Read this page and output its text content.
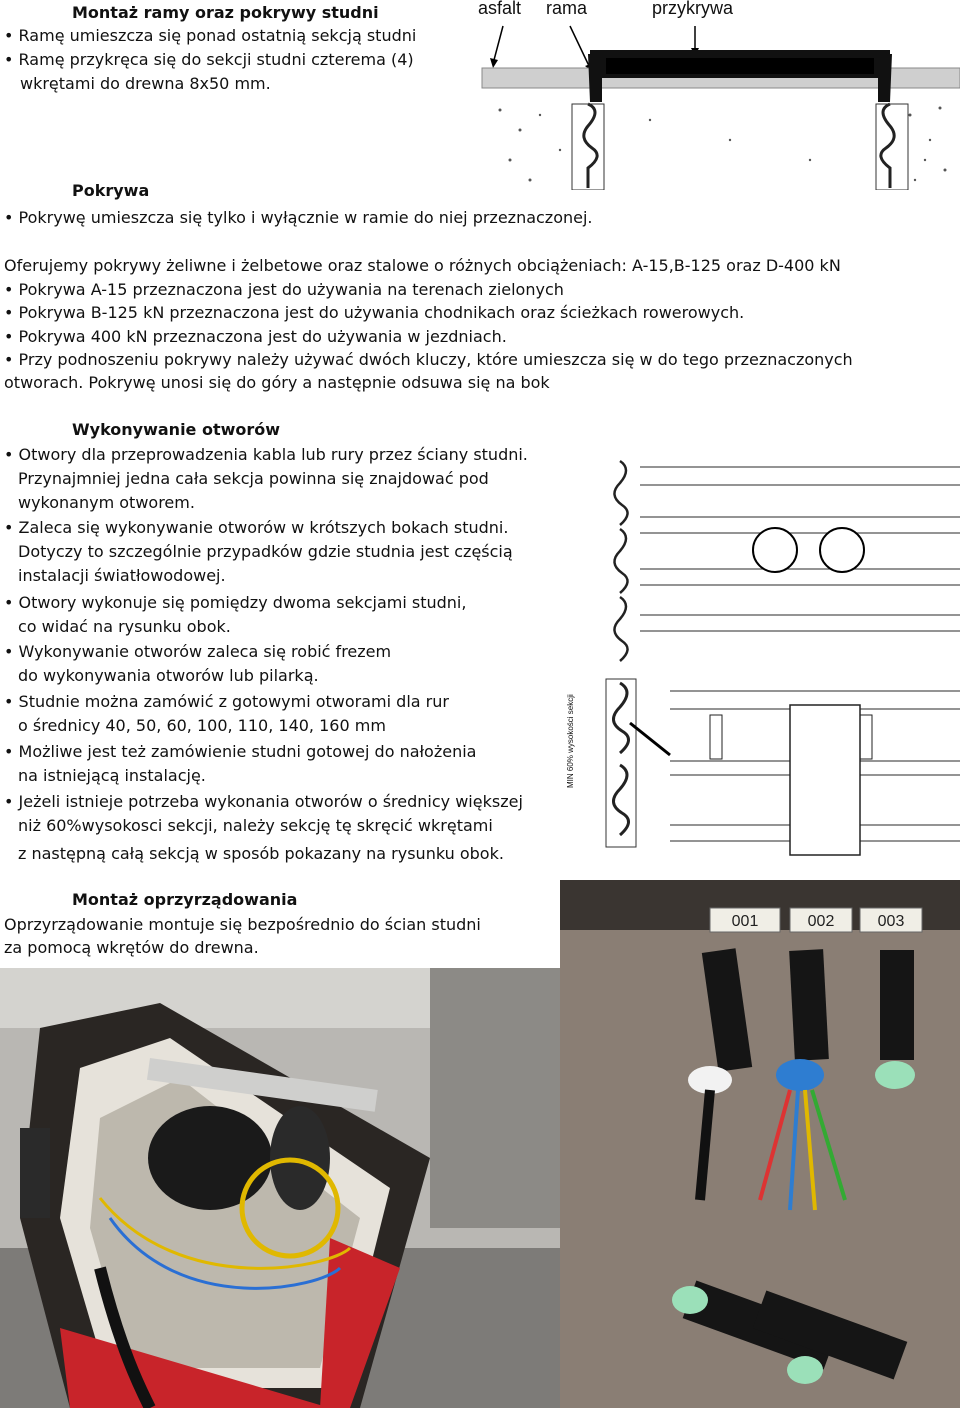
Montaż ramy oraz pokrywy studni
• Ramę umieszcza się ponad ostatnią sekcją studni
• Ramę przykręca się do sekcji studni czterema (4)
wkrętami do drewna 8x50 mm.
asfalt rama	przykrywa
Pokrywa
• Pokrywę umieszcza się tylko i wyłącznie w ramie do niej przeznaczonej.
Oferujemy pokrywy żeliwne i żelbetowe oraz stalowe o różnych obciążeniach: A-15,B-125 oraz D-400 kN
• Pokrywa A-15 przeznaczona jest do używania na terenach zielonych
• Pokrywa B-125 kN przeznaczona jest do używania chodnikach oraz ścieżkach rowerowych.
• Pokrywa 400 kN przeznaczona jest do używania w jezdniach.
• Przy podnoszeniu pokrywy należy używać dwóch kluczy, które umieszcza się w do tego przeznaczonych
otworach. Pokrywę unosi się do góry a następnie odsuwa się na bok
Wykonywanie otworów
• Otwory dla przeprowadzenia kabla lub rury przez ściany studni.
Przynajmniej jedna cała sekcja powinna się znajdować pod
wykonanym otworem.
• Zaleca się wykonywanie otworów w krótszych bokach studni.
Dotyczy to szczególnie przypadków gdzie studnia jest częścią
instalacji światłowodowej.
• Otwory wykonuje się pomiędzy dwoma sekcjami studni,
co widać na rysunku obok.
• Wykonywanie otworów zaleca się robić frezem
do wykonywania otworów lub pilarką.
• Studnie można zamówić z gotowymi otworami dla rur
o średnicy 40, 50, 60, 100, 110, 140, 160 mm
• Możliwe jest też zamówienie studni gotowej do nałożenia
na istniejącą instalację.
• Jeżeli istnieje potrzeba wykonania otworów o średnicy większej
niż 60%wysokosci sekcji, należy sekcję tę skręcić wkrętami
z następną całą sekcją w sposób pokazany na rysunku obok.
MIN 60% wysokości sekcji
Montaż oprzyrządowania
Oprzyrządowanie montuje się bezpośrednio do ścian studni
za pomocą wkrętów do drewna.
001	002	003
